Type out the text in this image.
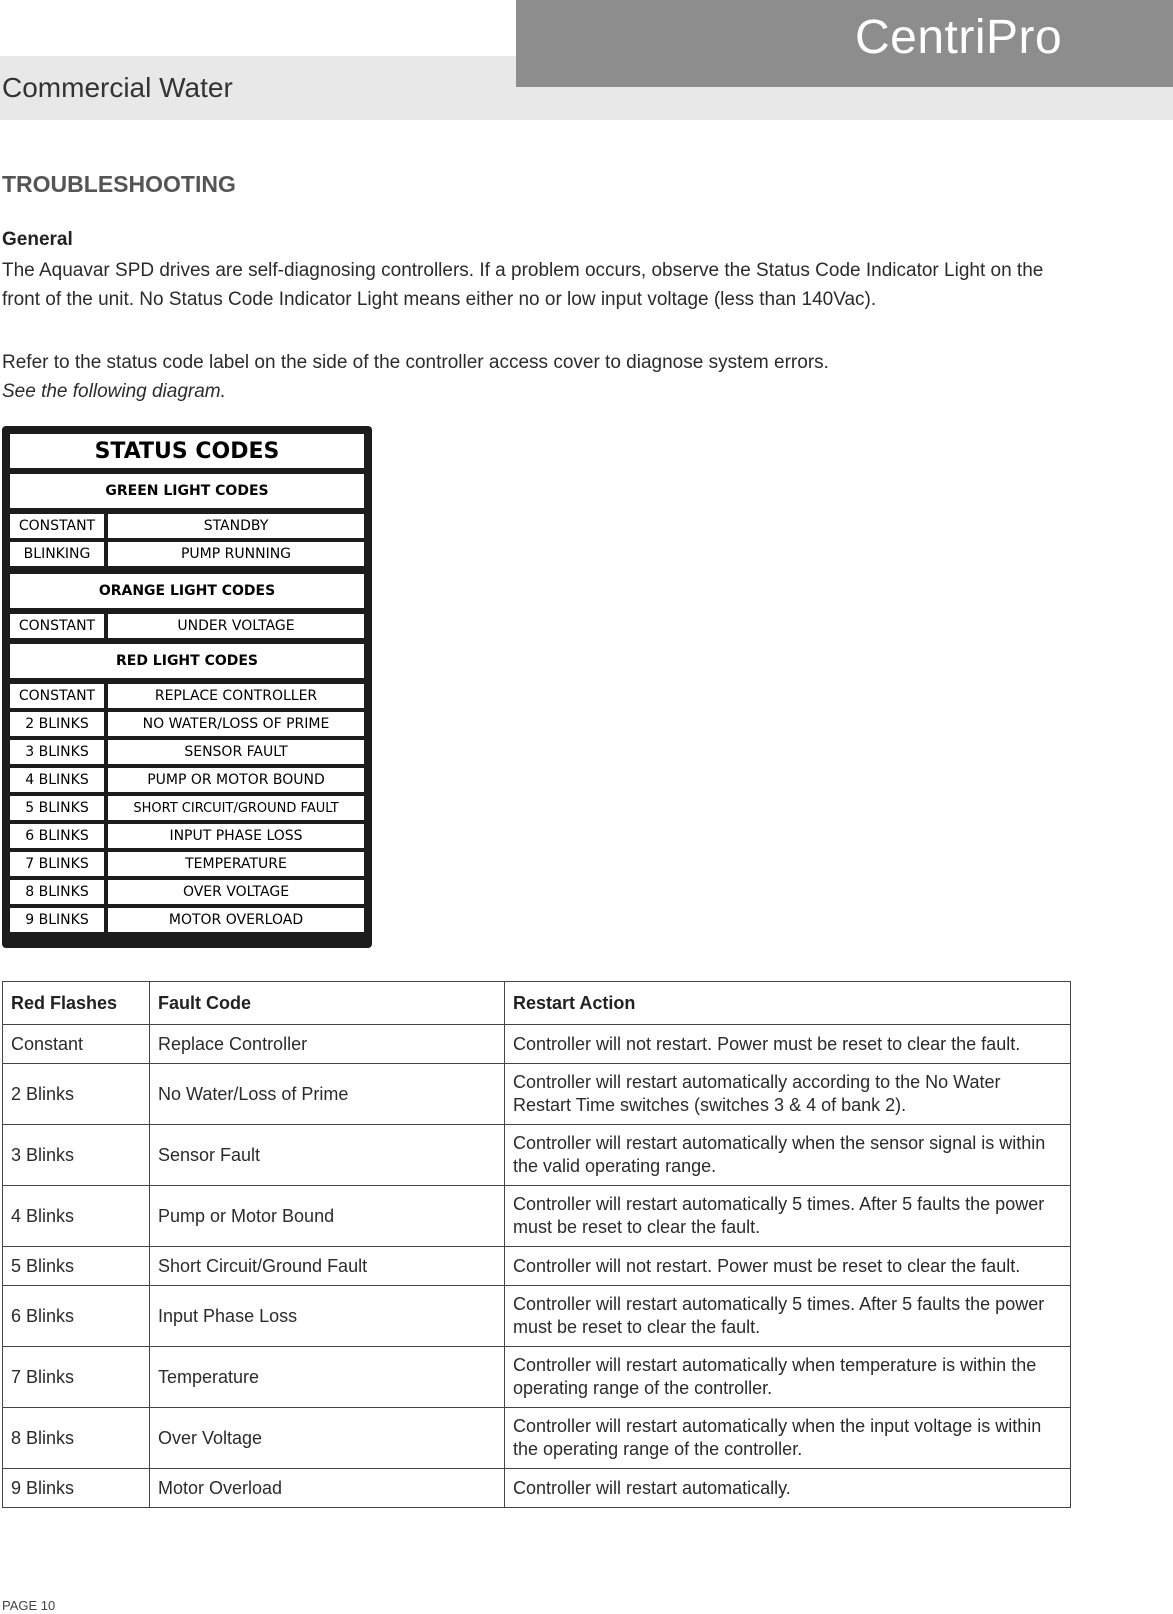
CentriPro
Commercial Water
TROUBLESHOOTING
General
The Aquavar SPD drives are self-diagnosing controllers. If a problem occurs, observe the Status Code Indicator Light on the front of the unit. No Status Code Indicator Light means either no or low input voltage (less than 140Vac).
Refer to the status code label on the side of the controller access cover to diagnose system errors.
See the following diagram.
STATUS CODES
GREEN LIGHT CODES
CONSTANT	STANDBY
BLINKING	PUMP RUNNING
ORANGE LIGHT CODES
CONSTANT	UNDER VOLTAGE
RED LIGHT CODES
CONSTANT	REPLACE CONTROLLER
2 BLINKS	NO WATER/LOSS OF PRIME
3 BLINKS	SENSOR FAULT
4 BLINKS	PUMP OR MOTOR BOUND
5 BLINKS	SHORT CIRCUIT/GROUND FAULT
6 BLINKS	INPUT PHASE LOSS
7 BLINKS	TEMPERATURE
8 BLINKS	OVER VOLTAGE
9 BLINKS	MOTOR OVERLOAD
Red Flashes	Fault Code	Restart Action
Constant	Replace Controller	Controller will not restart. Power must be reset to clear the fault.
2 Blinks	No Water/Loss of Prime	Controller will restart automatically according to the No Water Restart Time switches (switches 3 & 4 of bank 2).
3 Blinks	Sensor Fault	Controller will restart automatically when the sensor signal is within the valid operating range.
4 Blinks	Pump or Motor Bound	Controller will restart automatically 5 times. After 5 faults the power must be reset to clear the fault.
5 Blinks	Short Circuit/Ground Fault	Controller will not restart. Power must be reset to clear the fault.
6 Blinks	Input Phase Loss	Controller will restart automatically 5 times. After 5 faults the power must be reset to clear the fault.
7 Blinks	Temperature	Controller will restart automatically when temperature is within the operating range of the controller.
8 Blinks	Over Voltage	Controller will restart automatically when the input voltage is within the operating range of the controller.
9 Blinks	Motor Overload	Controller will restart automatically.
PAGE 10
